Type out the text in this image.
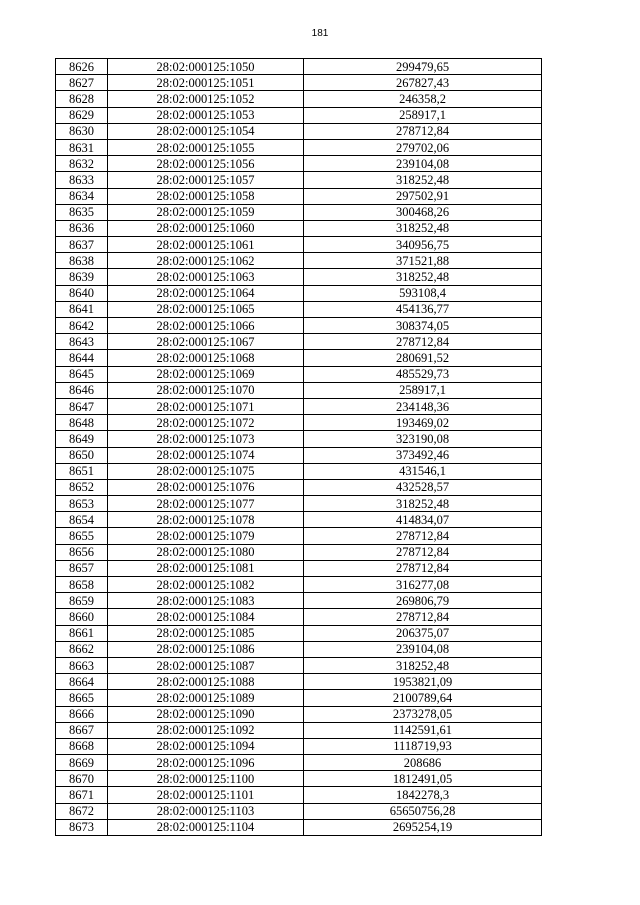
181
8626	28:02:000125:1050	299479,65
8627	28:02:000125:1051	267827,43
8628	28:02:000125:1052	246358,2
8629	28:02:000125:1053	258917,1
8630	28:02:000125:1054	278712,84
8631	28:02:000125:1055	279702,06
8632	28:02:000125:1056	239104,08
8633	28:02:000125:1057	318252,48
8634	28:02:000125:1058	297502,91
8635	28:02:000125:1059	300468,26
8636	28:02:000125:1060	318252,48
8637	28:02:000125:1061	340956,75
8638	28:02:000125:1062	371521,88
8639	28:02:000125:1063	318252,48
8640	28:02:000125:1064	593108,4
8641	28:02:000125:1065	454136,77
8642	28:02:000125:1066	308374,05
8643	28:02:000125:1067	278712,84
8644	28:02:000125:1068	280691,52
8645	28:02:000125:1069	485529,73
8646	28:02:000125:1070	258917,1
8647	28:02:000125:1071	234148,36
8648	28:02:000125:1072	193469,02
8649	28:02:000125:1073	323190,08
8650	28:02:000125:1074	373492,46
8651	28:02:000125:1075	431546,1
8652	28:02:000125:1076	432528,57
8653	28:02:000125:1077	318252,48
8654	28:02:000125:1078	414834,07
8655	28:02:000125:1079	278712,84
8656	28:02:000125:1080	278712,84
8657	28:02:000125:1081	278712,84
8658	28:02:000125:1082	316277,08
8659	28:02:000125:1083	269806,79
8660	28:02:000125:1084	278712,84
8661	28:02:000125:1085	206375,07
8662	28:02:000125:1086	239104,08
8663	28:02:000125:1087	318252,48
8664	28:02:000125:1088	1953821,09
8665	28:02:000125:1089	2100789,64
8666	28:02:000125:1090	2373278,05
8667	28:02:000125:1092	1142591,61
8668	28:02:000125:1094	1118719,93
8669	28:02:000125:1096	208686
8670	28:02:000125:1100	1812491,05
8671	28:02:000125:1101	1842278,3
8672	28:02:000125:1103	65650756,28
8673	28:02:000125:1104	2695254,19
